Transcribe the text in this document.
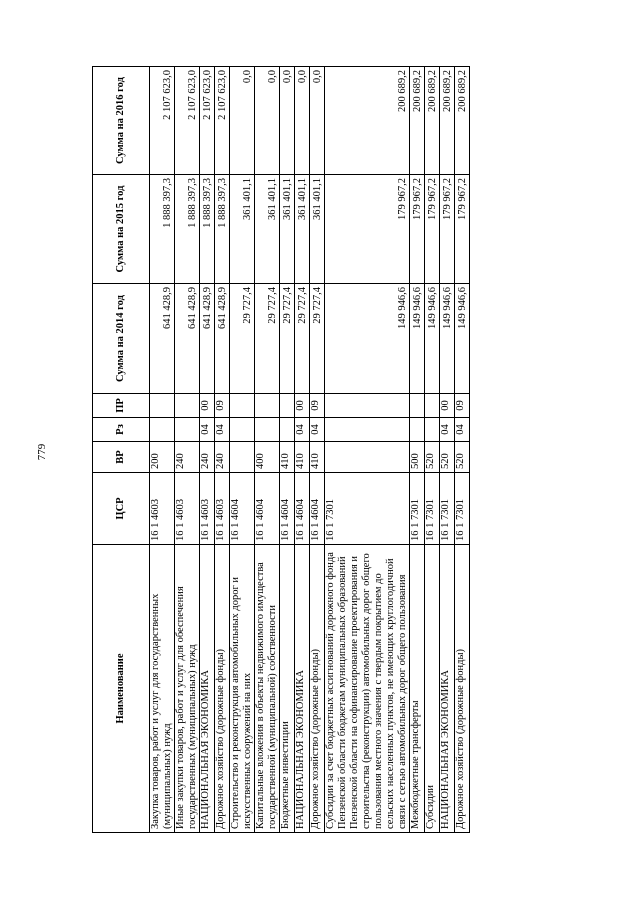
779
Наименование	ЦСР	ВР	Рз	ПР	Сумма на 2014 год	Сумма на 2015 год	Сумма на 2016 год
Закупка товаров, работ и услуг для государственных (муниципальных) нужд	16 1 4603	200			641 428,9	1 888 397,3	2 107 623,0
Иные закупки товаров, работ и услуг для обеспечения государственных (муниципальных) нужд	16 1 4603	240			641 428,9	1 888 397,3	2 107 623,0
НАЦИОНАЛЬНАЯ ЭКОНОМИКА	16 1 4603	240	04	00	641 428,9	1 888 397,3	2 107 623,0
Дорожное хозяйство (дорожные фонды)	16 1 4603	240	04	09	641 428,9	1 888 397,3	2 107 623,0
Строительство и реконструкция автомобильных дорог и искусственных сооружений на них	16 1 4604				29 727,4	361 401,1	0,0
Капитальные вложения в объекты недвижимого имущества государственной (муниципальной) собственности	16 1 4604	400			29 727,4	361 401,1	0,0
Бюджетные инвестиции	16 1 4604	410			29 727,4	361 401,1	0,0
НАЦИОНАЛЬНАЯ ЭКОНОМИКА	16 1 4604	410	04	00	29 727,4	361 401,1	0,0
Дорожное хозяйство (дорожные фонды)	16 1 4604	410	04	09	29 727,4	361 401,1	0,0
Субсидии за счет бюджетных ассигнований дорожного фонда Пензенской области бюджетам муниципальных образований Пензенской области на софинансирование проектирования и строительства (реконструкции) автомобильных дорог общего пользования местного значения с твердым покрытием до сельских населенных пунктов, не имеющих круглогодичной связи с сетью автомобильных дорог общего пользования	16 1 7301				149 946,6	179 967,2	200 689,2
Межбюджетные трансферты	16 1 7301	500			149 946,6	179 967,2	200 689,2
Субсидии	16 1 7301	520			149 946,6	179 967,2	200 689,2
НАЦИОНАЛЬНАЯ ЭКОНОМИКА	16 1 7301	520	04	00	149 946,6	179 967,2	200 689,2
Дорожное хозяйство (дорожные фонды)	16 1 7301	520	04	09	149 946,6	179 967,2	200 689,2
